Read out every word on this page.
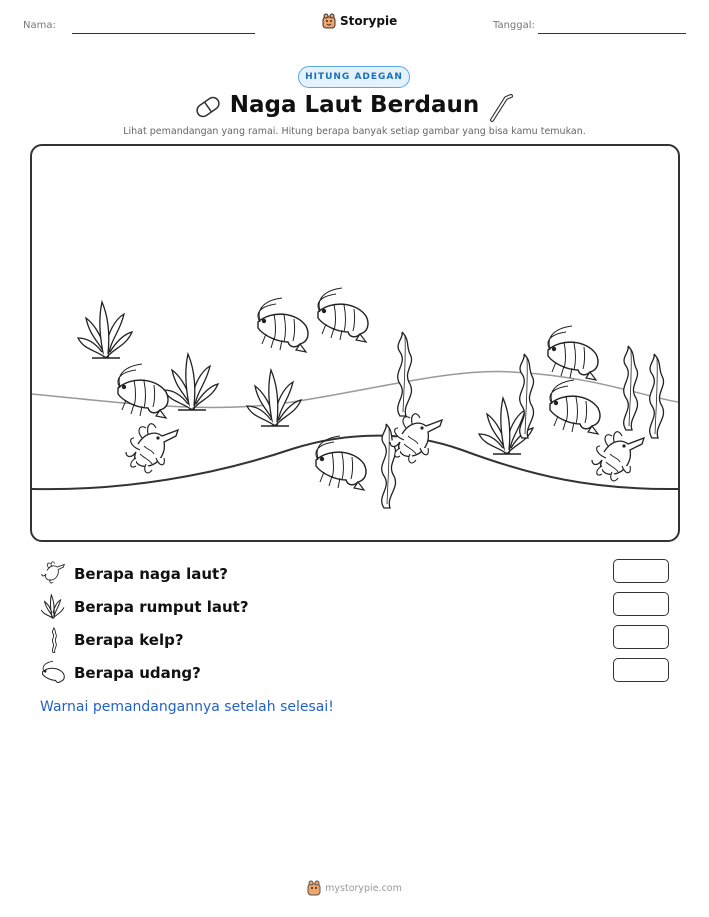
Nama:	Storypie	Tanggal:
HITUNG ADEGAN
Naga Laut Berdaun
Lihat pemandangan yang ramai. Hitung berapa banyak setiap gambar yang bisa kamu temukan.
Berapa naga laut?
Berapa rumput laut?
Berapa kelp?
Berapa udang?
Warnai pemandangannya setelah selesai!
mystorypie.com
